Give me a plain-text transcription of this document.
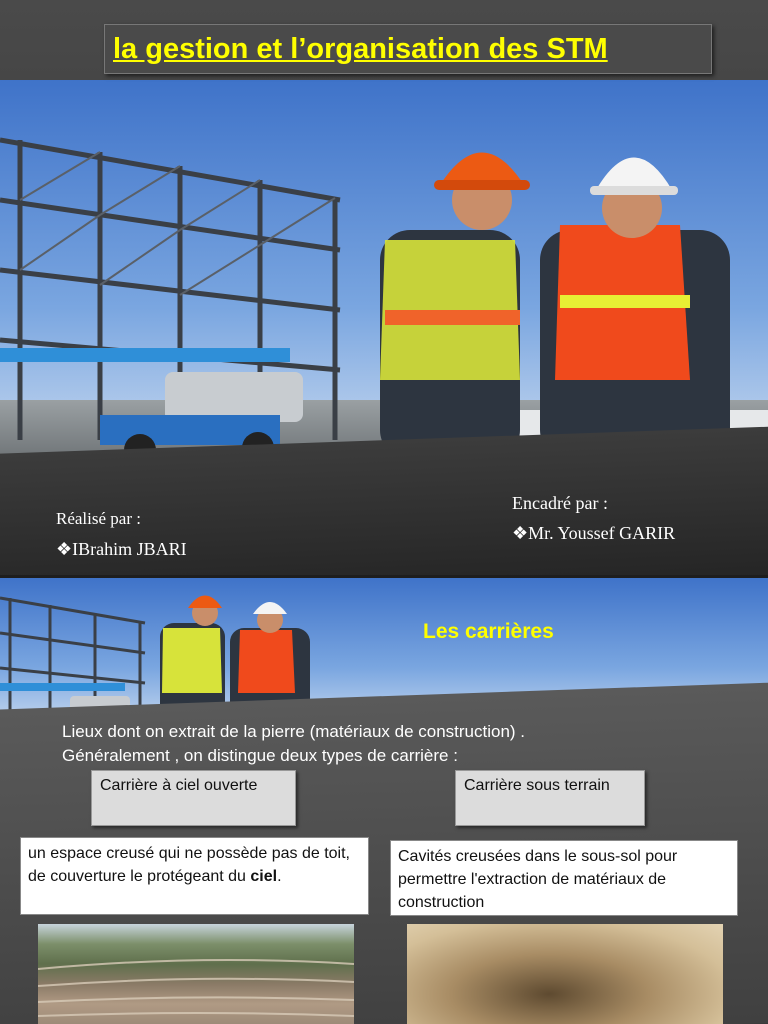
la gestion et l’organisation des STM
Réalisé par :
❖IBrahim JBARI
Encadré par :
❖Mr. Youssef GARIR
Les carrières
Lieux dont on extrait de la pierre (matériaux de construction) .
Généralement , on distingue deux types de carrière :
Carrière à ciel ouverte	Carrière sous terrain
un espace creusé qui ne possède pas de toit, de couverture le protégeant du ciel.
Cavités creusées dans le sous-sol pour permettre l'extraction de matériaux de construction
